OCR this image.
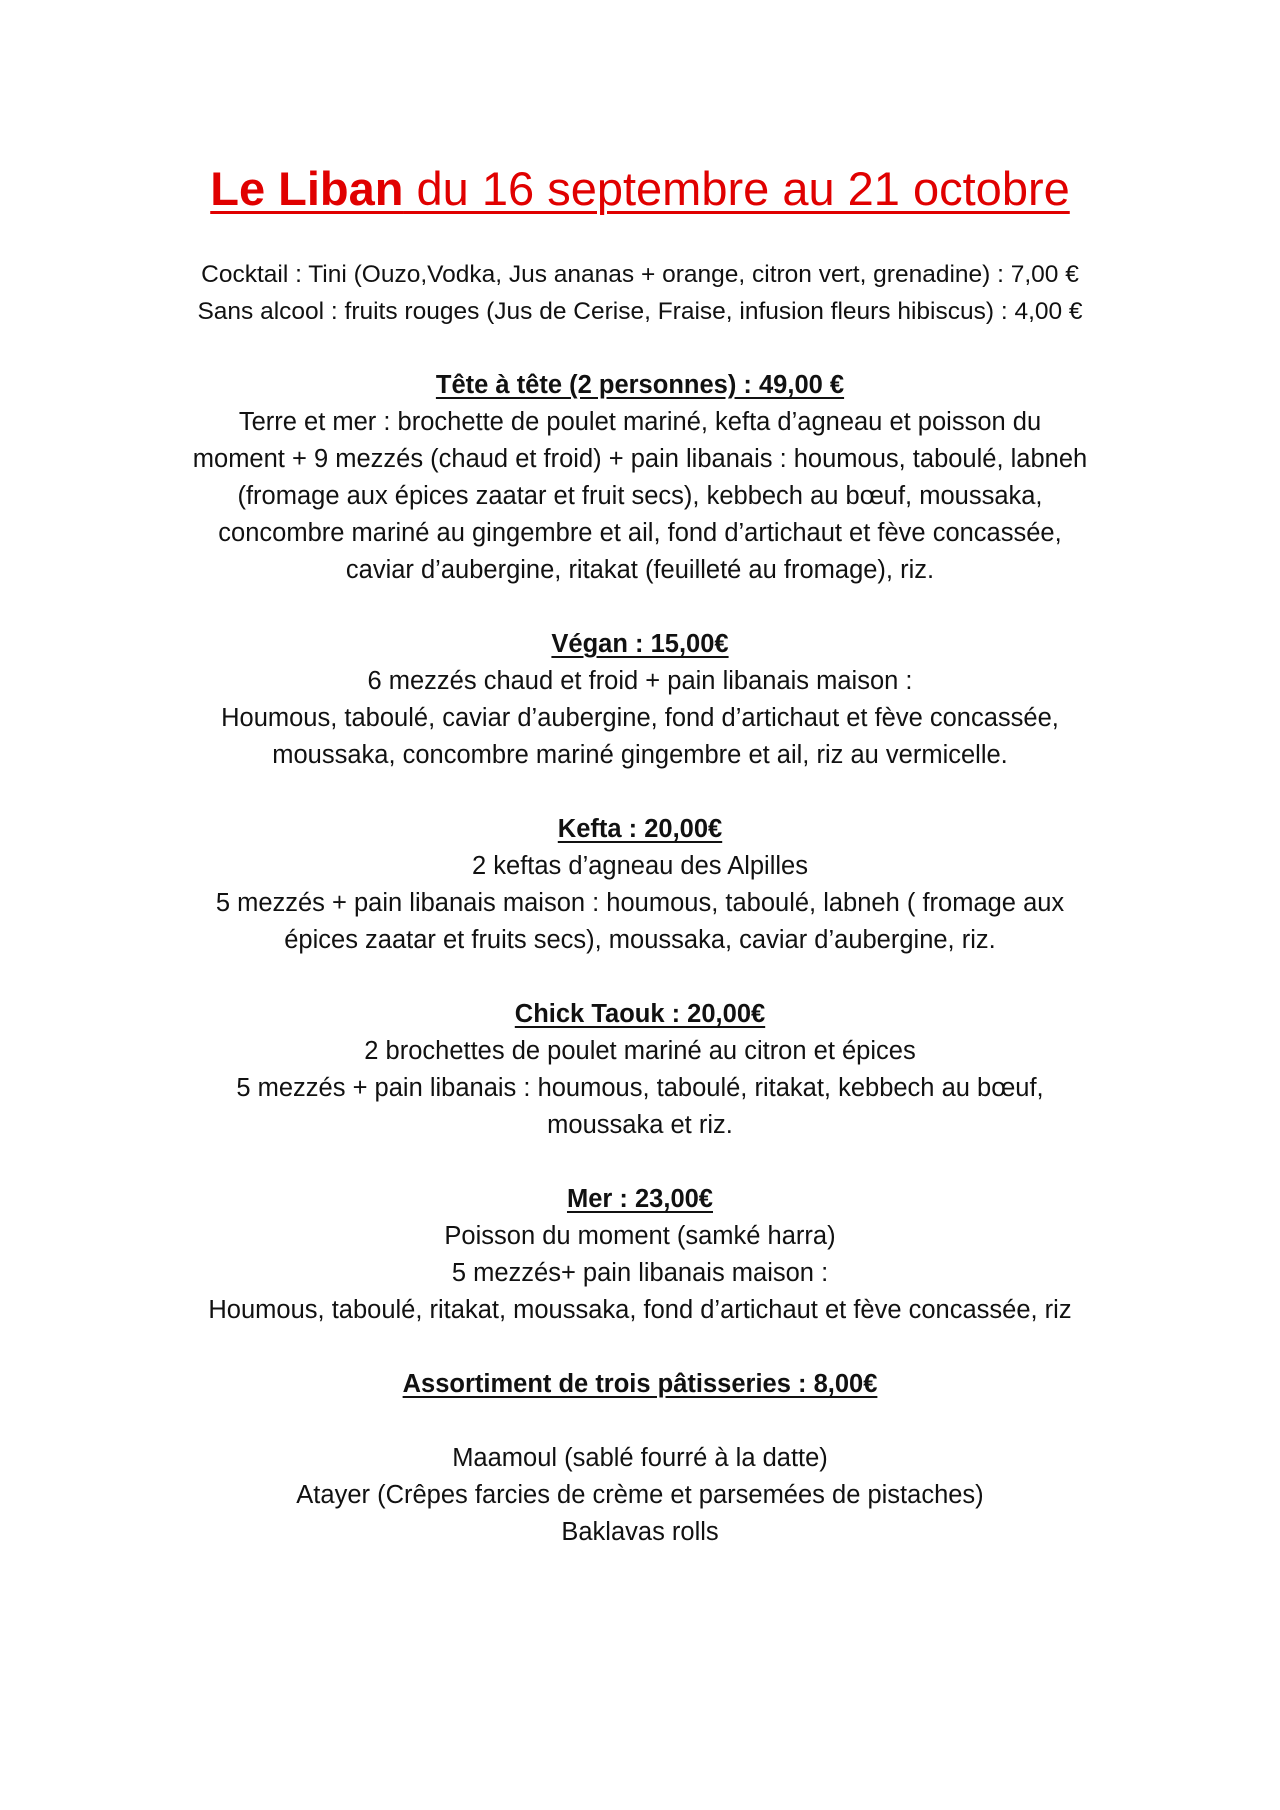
Le Liban du 16 septembre au 21 octobre
Cocktail : Tini (Ouzo,Vodka, Jus ananas + orange, citron vert, grenadine) : 7,00 €
Sans alcool : fruits rouges (Jus de Cerise, Fraise, infusion fleurs hibiscus) : 4,00 €
Tête à tête (2 personnes) : 49,00 €
Terre et mer : brochette de poulet mariné, kefta d’agneau et poisson du
moment + 9 mezzés (chaud et froid) + pain libanais : houmous, taboulé, labneh
(fromage aux épices zaatar et fruit secs), kebbech au bœuf, moussaka,
concombre mariné au gingembre et ail, fond d’artichaut et fève concassée,
caviar d’aubergine, ritakat (feuilleté au fromage), riz.
Végan : 15,00€
6 mezzés chaud et froid + pain libanais maison :
Houmous, taboulé, caviar d’aubergine, fond d’artichaut et fève concassée,
moussaka, concombre mariné gingembre et ail, riz au vermicelle.
Kefta : 20,00€
2 keftas d’agneau des Alpilles
5 mezzés + pain libanais maison : houmous, taboulé, labneh ( fromage aux
épices zaatar et fruits secs), moussaka, caviar d’aubergine, riz.
Chick Taouk : 20,00€
2 brochettes de poulet mariné au citron et épices
5 mezzés + pain libanais : houmous, taboulé, ritakat, kebbech au bœuf,
moussaka et riz.
Mer : 23,00€
Poisson du moment (samké harra)
5 mezzés+ pain libanais maison :
Houmous, taboulé, ritakat, moussaka, fond d’artichaut et fève concassée, riz
Assortiment de trois pâtisseries : 8,00€
Maamoul (sablé fourré à la datte)
Atayer (Crêpes farcies de crème et parsemées de pistaches)
Baklavas rolls
